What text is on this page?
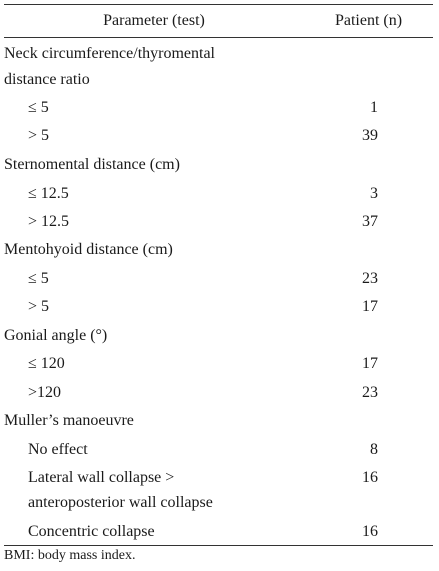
Parameter (test)	Patient (n)
Neck circumference/thyromental
distance ratio
≤ 5	1
> 5	39
Sternomental distance (cm)
≤ 12.5	3
> 12.5	37
Mentohyoid distance (cm)
≤ 5	23
> 5	17
Gonial angle (°)
≤ 120	17
>120	23
Muller’s manoeuvre
No effect	8
Lateral wall collapse >	16
anteroposterior wall collapse
Concentric collapse	16
BMI: body mass index.
